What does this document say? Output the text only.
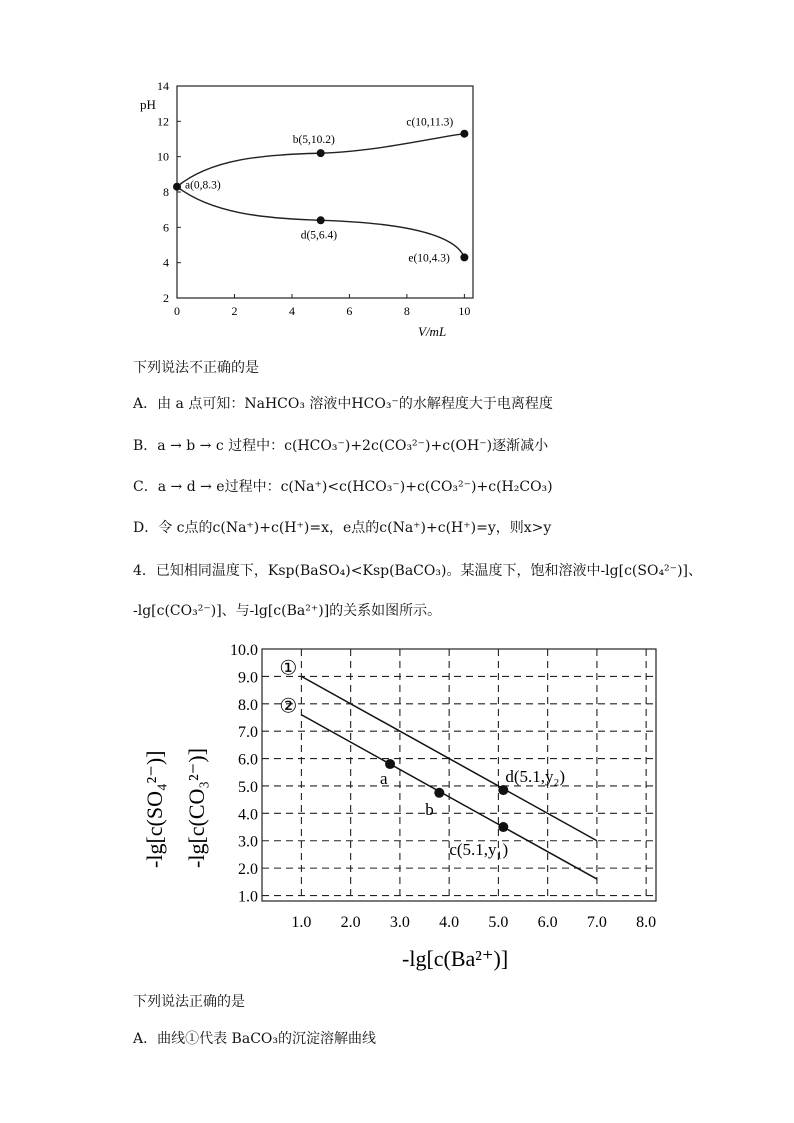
pH
V/mL
0	2	4	6	8	10
2
4
6
8
10
12
14
a(0,8.3)
b(5,10.2)
c(10,11.3)
d(5,6.4)
e(10,4.3)
下列说法不正确的是
A．由 a 点可知：NaHCO₃ 溶液中HCO₃⁻的水解程度大于电离程度
B．a → b → c 过程中：c(HCO₃⁻)+2c(CO₃²⁻)+c(OH⁻)逐渐减小
C．a → d → e过程中：c(Na⁺)<c(HCO₃⁻)+c(CO₃²⁻)+c(H₂CO₃)
D．令 c点的c(Na⁺)+c(H⁺)=x，e点的c(Na⁺)+c(H⁺)=y，则x>y
4．已知相同温度下，Ksp(BaSO₄)<Ksp(BaCO₃)。某温度下，饱和溶液中-lg[c(SO₄²⁻)]、
-lg[c(CO₃²⁻)]、与-lg[c(Ba²⁺)]的关系如图所示。
-lg[c(SO₄²⁻)] -lg[c(CO₃²⁻)]
1.0 2.0 3.0 4.0 5.0 6.0 7.0 8.0
1.0
2.0
3.0
4.0
5.0
6.0
7.0
8.0
9.0
10.0
①
②
a
b
d(5.1,y₂)
c(5.1,y₁)
-lg[c(Ba²⁺)]
下列说法正确的是
A．曲线①代表 BaCO₃的沉淀溶解曲线
